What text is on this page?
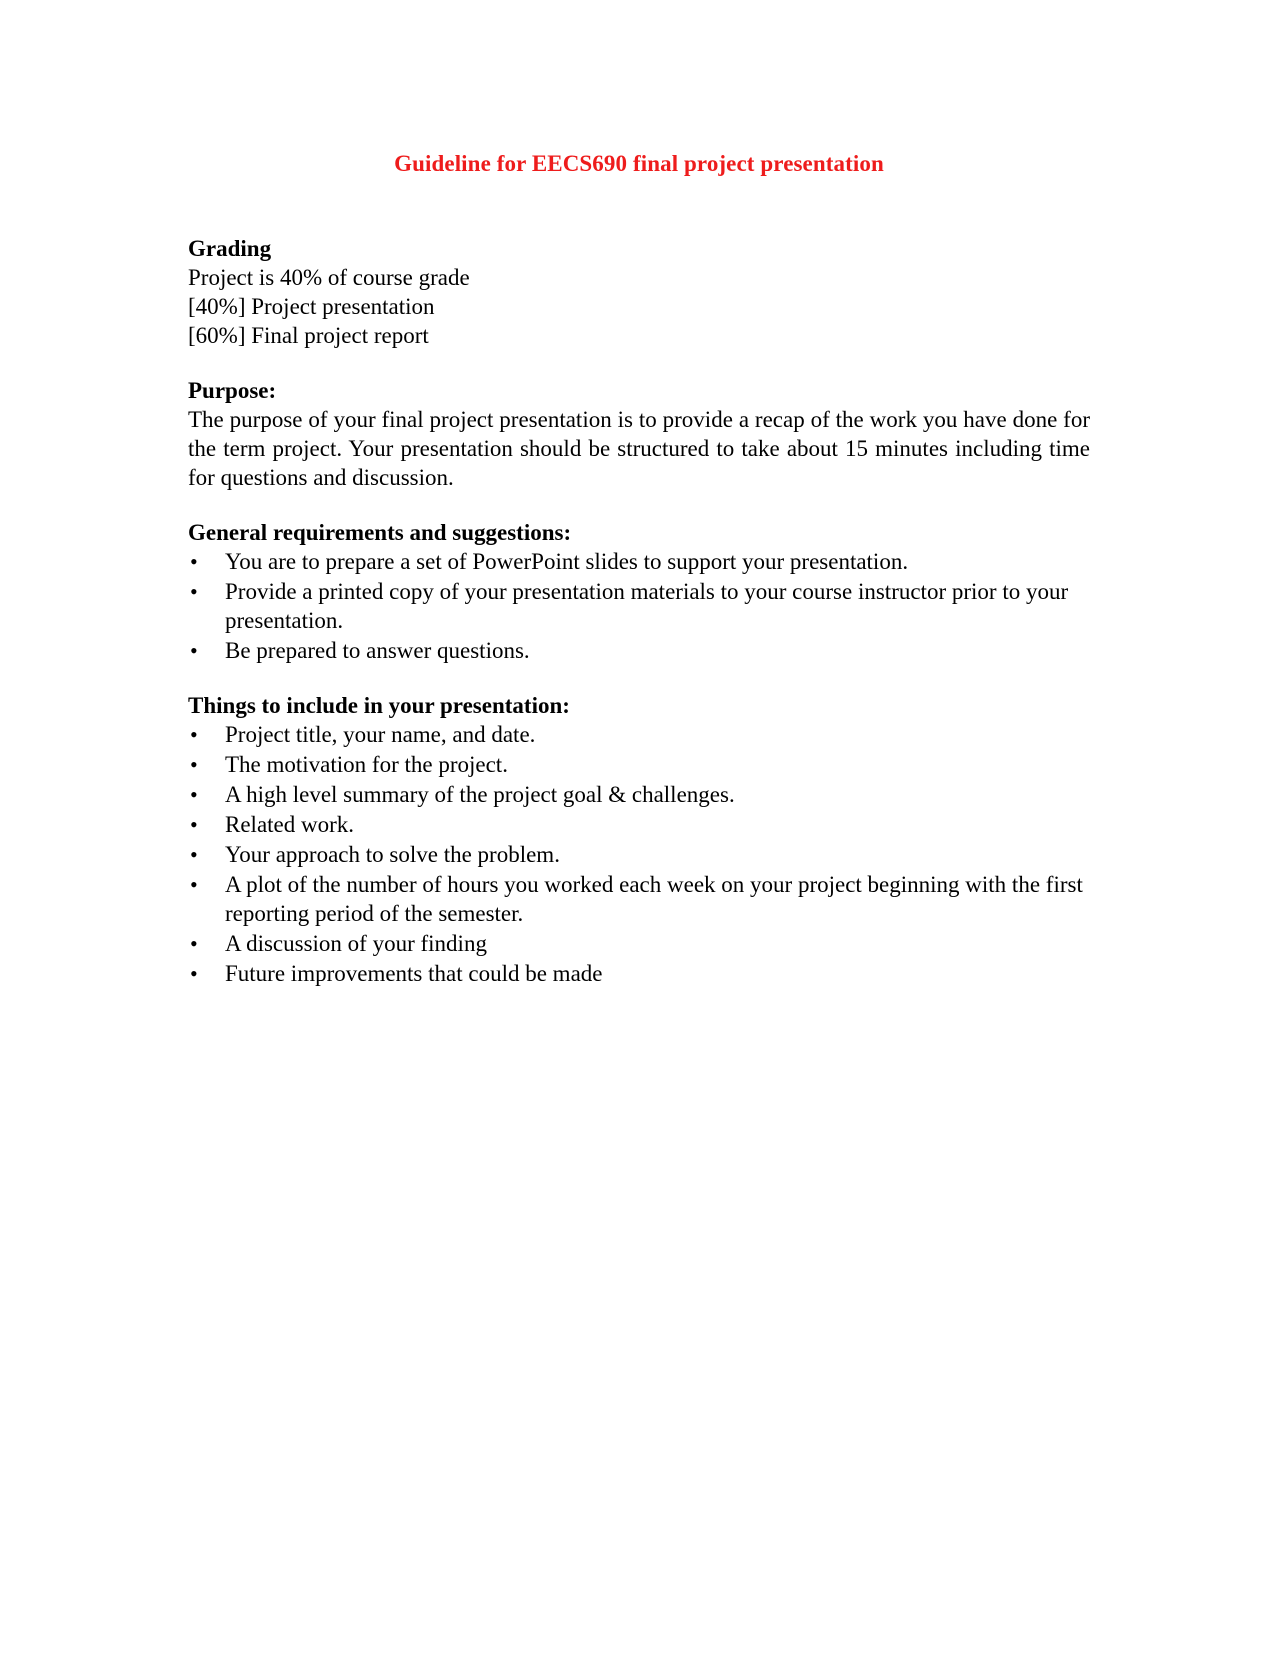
Guideline for EECS690 final project presentation

Grading

Project is 40% of course grade

[40%] Project presentation

[60%] Final project report

Purpose:

The purpose of your final project presentation is to provide a recap of the work you have done for the term project. Your presentation should be structured to take about 15 minutes including time for questions and discussion.

General requirements and suggestions:

•	You are to prepare a set of PowerPoint slides to support your presentation.
•	Provide a printed copy of your presentation materials to your course instructor prior to your presentation.
•	Be prepared to answer questions.

Things to include in your presentation:

•	Project title, your name, and date.
•	The motivation for the project.
•	A high level summary of the project goal & challenges.
•	Related work.
•	Your approach to solve the problem.
•	A plot of the number of hours you worked each week on your project beginning with the first reporting period of the semester.
•	A discussion of your finding
•	Future improvements that could be made
